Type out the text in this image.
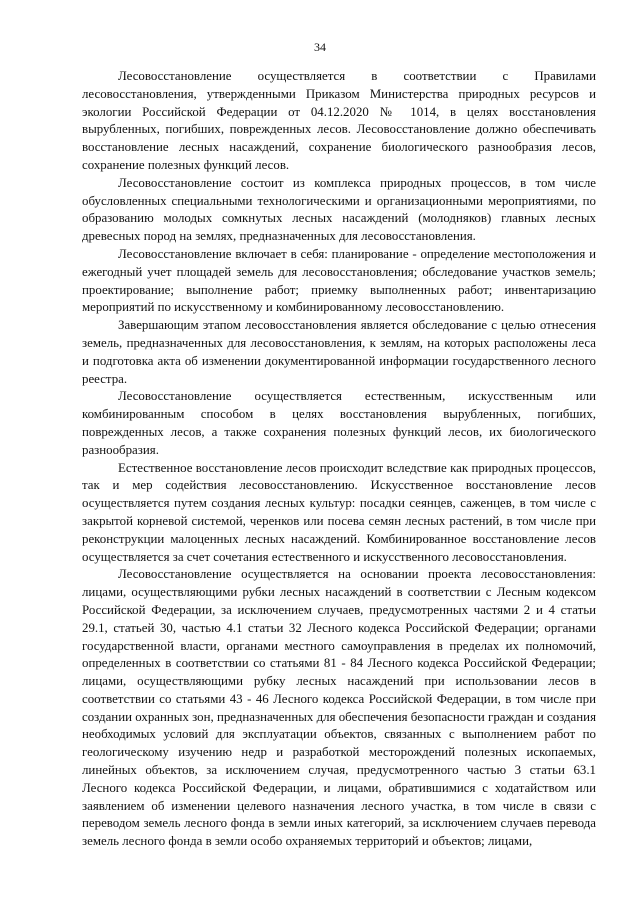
34

Лесовосстановление осуществляется в соответствии с Правилами лесовосстановления, утвержденными Приказом Министерства природных ресурсов и экологии Российской Федерации от 04.12.2020 № 1014, в целях восстановления вырубленных, погибших, поврежденных лесов. Лесовосстановление должно обеспечивать восстановление лесных насаждений, сохранение биологического разнообразия лесов, сохранение полезных функций лесов.

Лесовосстановление состоит из комплекса природных процессов, в том числе обусловленных специальными технологическими и организационными мероприятиями, по образованию молодых сомкнутых лесных насаждений (молодняков) главных лесных древесных пород на землях, предназначенных для лесовосстановления.

Лесовосстановление включает в себя: планирование - определение местоположения и ежегодный учет площадей земель для лесовосстановления; обследование участков земель; проектирование; выполнение работ; приемку выполненных работ; инвентаризацию мероприятий по искусственному и комбинированному лесовосстановлению.

Завершающим этапом лесовосстановления является обследование с целью отнесения земель, предназначенных для лесовосстановления, к землям, на которых расположены леса и подготовка акта об изменении документированной информации государственного лесного реестра.

Лесовосстановление осуществляется естественным, искусственным или комбинированным способом в целях восстановления вырубленных, погибших, поврежденных лесов, а также сохранения полезных функций лесов, их биологического разнообразия.

Естественное восстановление лесов происходит вследствие как природных процессов, так и мер содействия лесовосстановлению. Искусственное восстановление лесов осуществляется путем создания лесных культур: посадки сеянцев, саженцев, в том числе с закрытой корневой системой, черенков или посева семян лесных растений, в том числе при реконструкции малоценных лесных насаждений. Комбинированное восстановление лесов осуществляется за счет сочетания естественного и искусственного лесовосстановления.

Лесовосстановление осуществляется на основании проекта лесовосстановления: лицами, осуществляющими рубки лесных насаждений в соответствии с Лесным кодексом Российской Федерации, за исключением случаев, предусмотренных частями 2 и 4 статьи 29.1, статьей 30, частью 4.1 статьи 32 Лесного кодекса Российской Федерации; органами государственной власти, органами местного самоуправления в пределах их полномочий, определенных в соответствии со статьями 81 - 84 Лесного кодекса Российской Федерации; лицами, осуществляющими рубку лесных насаждений при использовании лесов в соответствии со статьями 43 - 46 Лесного кодекса Российской Федерации, в том числе при создании охранных зон, предназначенных для обеспечения безопасности граждан и создания необходимых условий для эксплуатации объектов, связанных с выполнением работ по геологическому изучению недр и разработкой месторождений полезных ископаемых, линейных объектов, за исключением случая, предусмотренного частью 3 статьи 63.1 Лесного кодекса Российской Федерации, и лицами, обратившимися с ходатайством или заявлением об изменении целевого назначения лесного участка, в том числе в связи с переводом земель лесного фонда в земли иных категорий, за исключением случаев перевода земель лесного фонда в земли особо охраняемых территорий и объектов; лицами,
